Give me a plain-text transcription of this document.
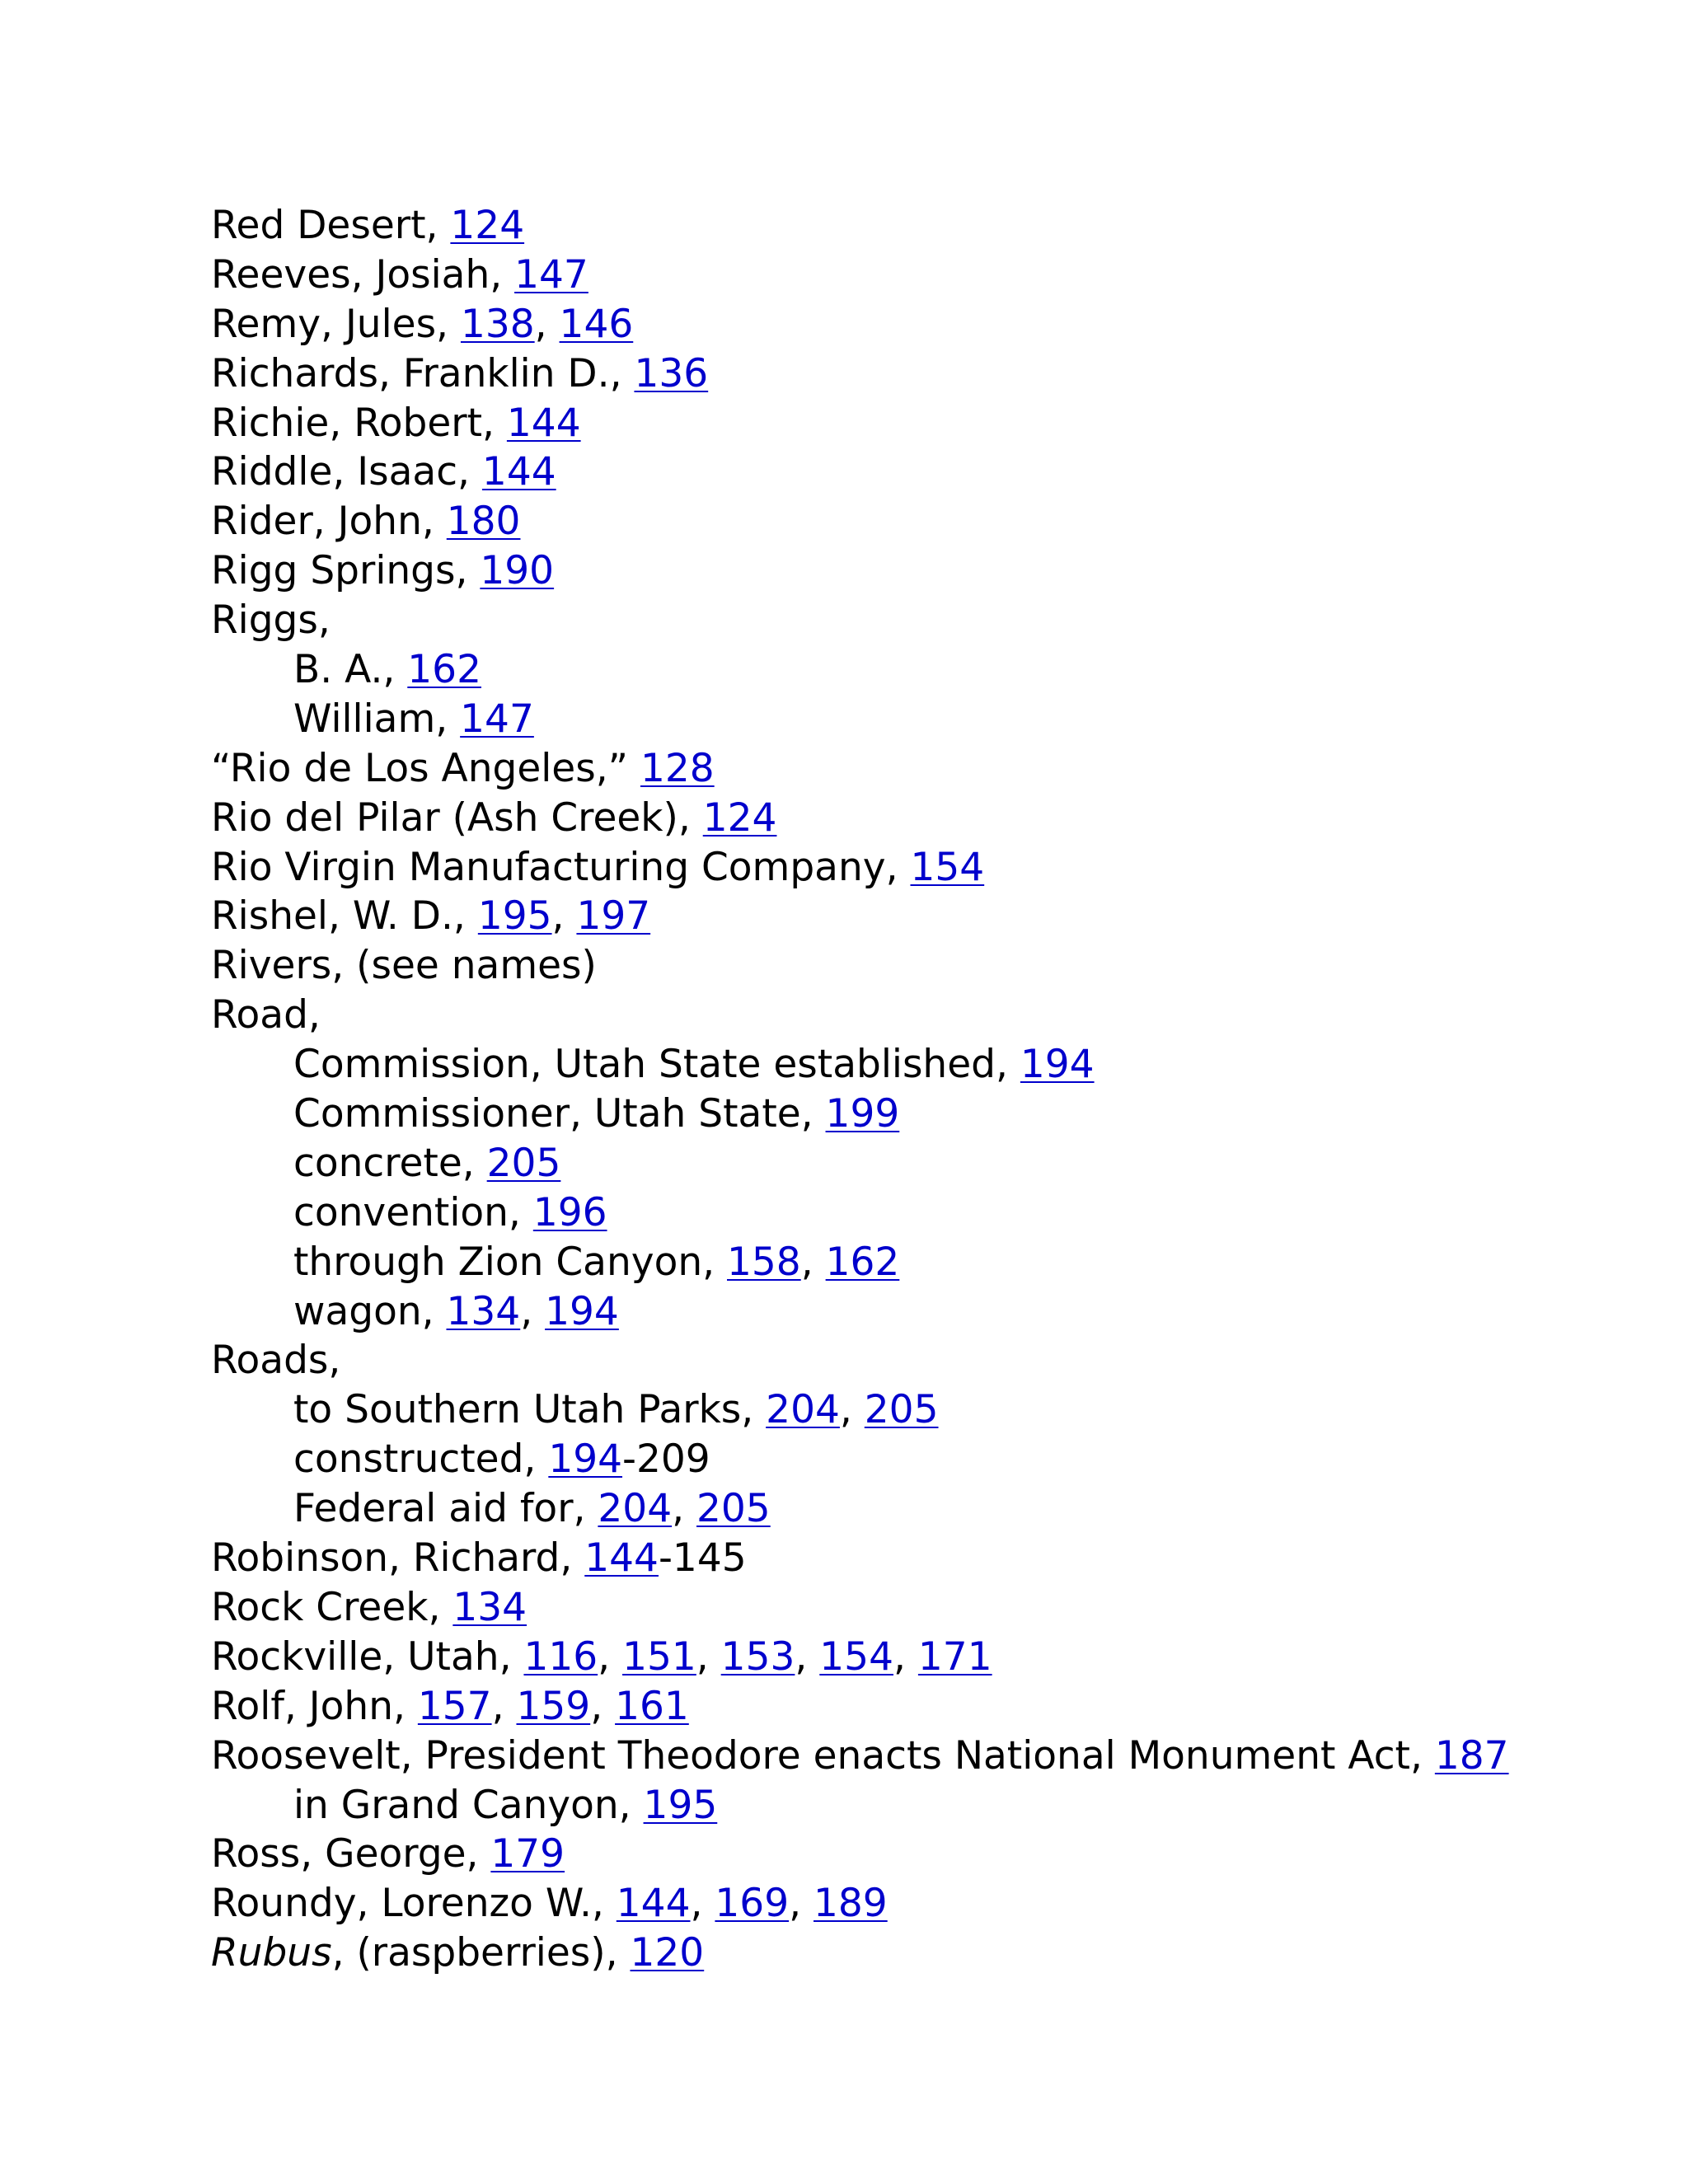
Red Desert, 124
Reeves, Josiah, 147
Remy, Jules, 138, 146
Richards, Franklin D., 136
Richie, Robert, 144
Riddle, Isaac, 144
Rider, John, 180
Rigg Springs, 190
Riggs,
B. A., 162
William, 147
“Rio de Los Angeles,” 128
Rio del Pilar (Ash Creek), 124
Rio Virgin Manufacturing Company, 154
Rishel, W. D., 195, 197
Rivers, (see names)
Road,
Commission, Utah State established, 194
Commissioner, Utah State, 199
concrete, 205
convention, 196
through Zion Canyon, 158, 162
wagon, 134, 194
Roads,
to Southern Utah Parks, 204, 205
constructed, 194-209
Federal aid for, 204, 205
Robinson, Richard, 144-145
Rock Creek, 134
Rockville, Utah, 116, 151, 153, 154, 171
Rolf, John, 157, 159, 161
Roosevelt, President Theodore enacts National Monument Act, 187
in Grand Canyon, 195
Ross, George, 179
Roundy, Lorenzo W., 144, 169, 189
Rubus, (raspberries), 120
